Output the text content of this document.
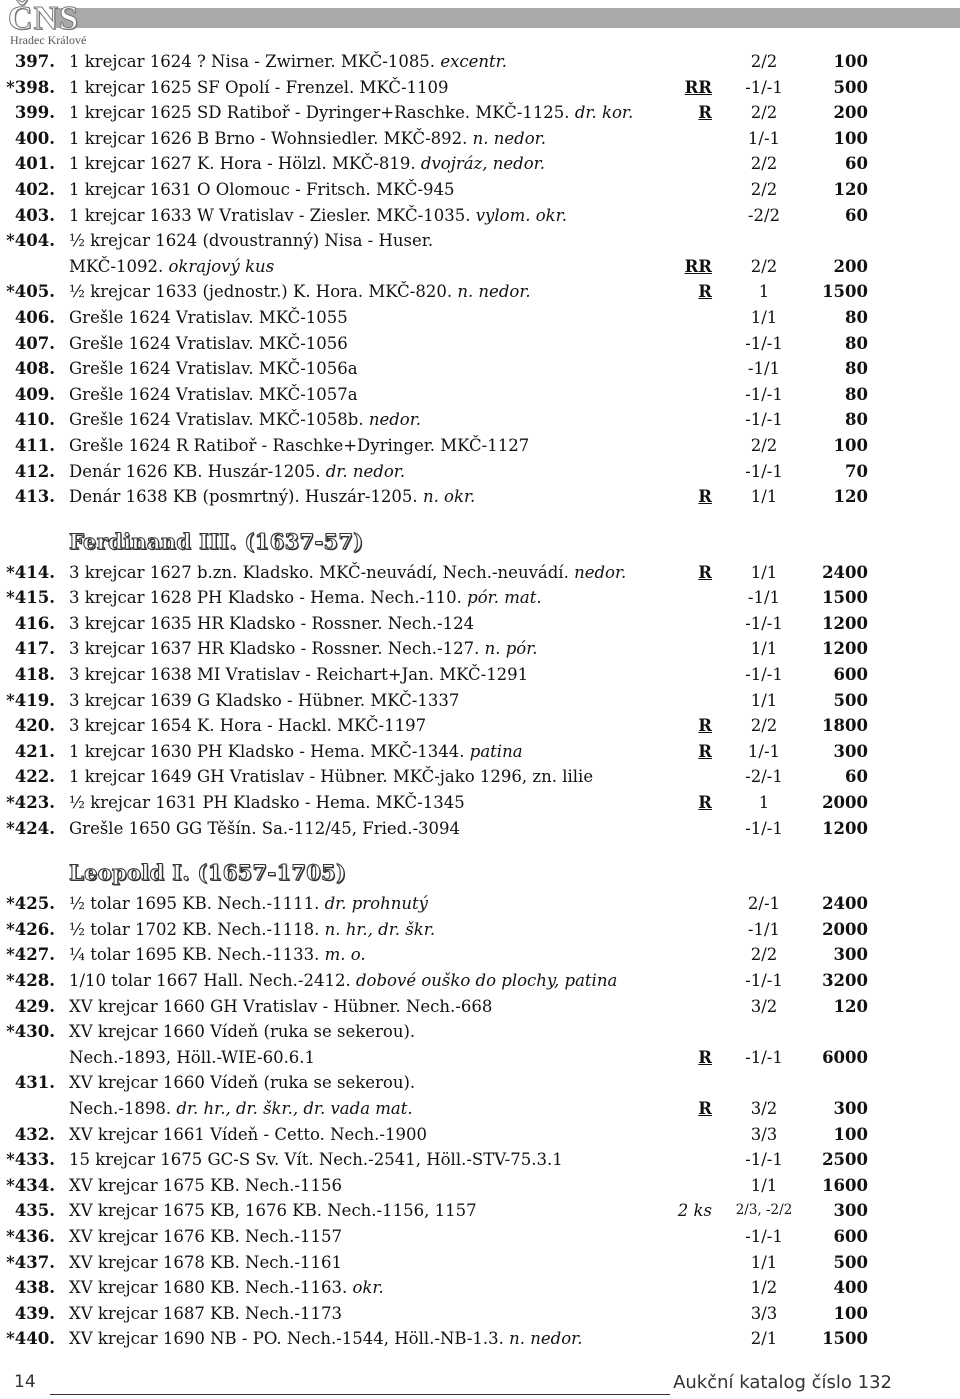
ČNS
Hradec Králové
397. 1 krejcar 1624 ? Nisa - Zwirner. MKČ-1085. excentr.	2/2	100
*398. 1 krejcar 1625 SF Opolí - Frenzel. MKČ-1109	RR	-1/-1	500
399. 1 krejcar 1625 SD Ratiboř - Dyringer+Raschke. MKČ-1125. dr. kor.	R	2/2	200
400. 1 krejcar 1626 B Brno - Wohnsiedler. MKČ-892. n. nedor.	1/-1	100
401. 1 krejcar 1627 K. Hora - Hölzl. MKČ-819. dvojráz, nedor.	2/2	60
402. 1 krejcar 1631 O Olomouc - Fritsch. MKČ-945	2/2	120
403. 1 krejcar 1633 W Vratislav - Ziesler. MKČ-1035. vylom. okr.	-2/2	60
*404. ½ krejcar 1624 (dvoustranný) Nisa - Huser.
MKČ-1092. okrajový kus	RR	2/2	200
*405. ½ krejcar 1633 (jednostr.) K. Hora. MKČ-820. n. nedor.	R	1	1500
406. Grešle 1624 Vratislav. MKČ-1055	1/1	80
407. Grešle 1624 Vratislav. MKČ-1056	-1/-1	80
408. Grešle 1624 Vratislav. MKČ-1056a	-1/1	80
409. Grešle 1624 Vratislav. MKČ-1057a	-1/-1	80
410. Grešle 1624 Vratislav. MKČ-1058b. nedor.	-1/-1	80
411. Grešle 1624 R Ratiboř - Raschke+Dyringer. MKČ-1127	2/2	100
412. Denár 1626 KB. Huszár-1205. dr. nedor.	-1/-1	70
413. Denár 1638 KB (posmrtný). Huszár-1205. n. okr.	R	1/1	120
Ferdinand III. (1637-57)
*414. 3 krejcar 1627 b.zn. Kladsko. MKČ-neuvádí, Nech.-neuvádí. nedor.	R	1/1	2400
*415. 3 krejcar 1628 PH Kladsko - Hema. Nech.-110. pór. mat.	-1/1	1500
416. 3 krejcar 1635 HR Kladsko - Rossner. Nech.-124	-1/-1	1200
417. 3 krejcar 1637 HR Kladsko - Rossner. Nech.-127. n. pór.	1/1	1200
418. 3 krejcar 1638 MI Vratislav - Reichart+Jan. MKČ-1291	-1/-1	600
*419. 3 krejcar 1639 G Kladsko - Hübner. MKČ-1337	1/1	500
420. 3 krejcar 1654 K. Hora - Hackl. MKČ-1197	R	2/2	1800
421. 1 krejcar 1630 PH Kladsko - Hema. MKČ-1344. patina	R	1/-1	300
422. 1 krejcar 1649 GH Vratislav - Hübner. MKČ-jako 1296, zn. lilie	-2/-1	60
*423. ½ krejcar 1631 PH Kladsko - Hema. MKČ-1345	R	1	2000
*424. Grešle 1650 GG Těšín. Sa.-112/45, Fried.-3094	-1/-1	1200
Leopold I. (1657-1705)
*425. ½ tolar 1695 KB. Nech.-1111. dr. prohnutý	2/-1	2400
*426. ½ tolar 1702 KB. Nech.-1118. n. hr., dr. škr.	-1/1	2000
*427. ¼ tolar 1695 KB. Nech.-1133. m. o.	2/2	300
*428. 1/10 tolar 1667 Hall. Nech.-2412. dobové ouško do plochy, patina	-1/-1	3200
429. XV krejcar 1660 GH Vratislav - Hübner. Nech.-668	3/2	120
*430. XV krejcar 1660 Vídeň (ruka se sekerou).
Nech.-1893, Höll.-WIE-60.6.1	R	-1/-1	6000
431. XV krejcar 1660 Vídeň (ruka se sekerou).
Nech.-1898. dr. hr., dr. škr., dr. vada mat.	R	3/2	300
432. XV krejcar 1661 Vídeň - Cetto. Nech.-1900	3/3	100
*433. 15 krejcar 1675 GC-S Sv. Vít. Nech.-2541, Höll.-STV-75.3.1	-1/-1	2500
*434. XV krejcar 1675 KB. Nech.-1156	1/1	1600
435. XV krejcar 1675 KB, 1676 KB. Nech.-1156, 1157	2 ks	2/3, -2/2	300
*436. XV krejcar 1676 KB. Nech.-1157	-1/-1	600
*437. XV krejcar 1678 KB. Nech.-1161	1/1	500
438. XV krejcar 1680 KB. Nech.-1163. okr.	1/2	400
439. XV krejcar 1687 KB. Nech.-1173	3/3	100
*440. XV krejcar 1690 NB - PO. Nech.-1544, Höll.-NB-1.3. n. nedor.	2/1	1500
14	Aukční katalog číslo 132
